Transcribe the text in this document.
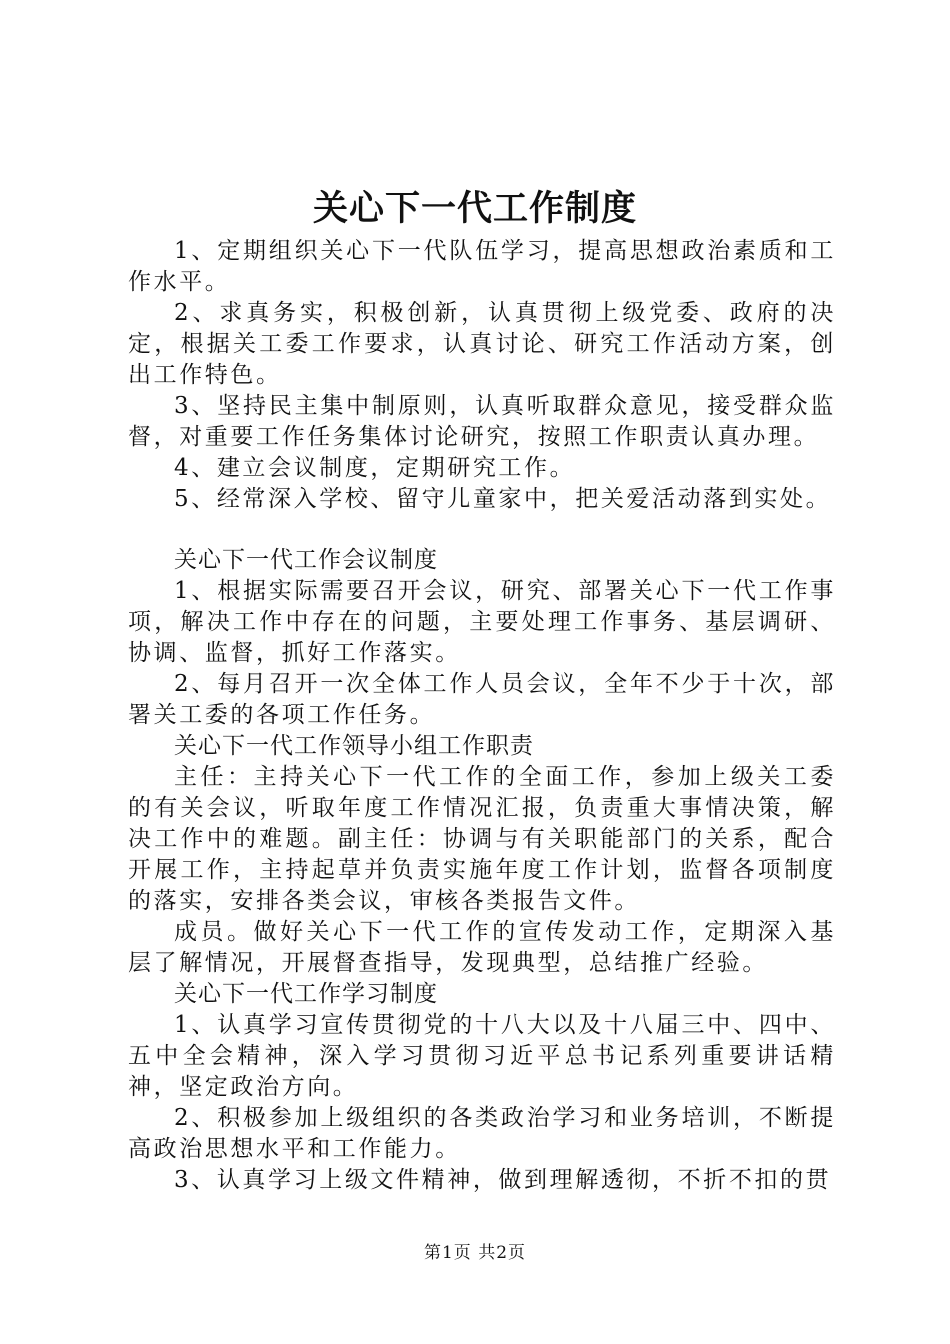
关心下一代工作制度

1、定期组织关心下一代队伍学习，提高思想政治素质和工作水平。

2、求真务实，积极创新，认真贯彻上级党委、政府的决定，根据关工委工作要求，认真讨论、研究工作活动方案，创出工作特色。

3、坚持民主集中制原则，认真听取群众意见，接受群众监督，对重要工作任务集体讨论研究，按照工作职责认真办理。

4、建立会议制度，定期研究工作。

5、经常深入学校、留守儿童家中，把关爱活动落到实处。

关心下一代工作会议制度

1、根据实际需要召开会议，研究、部署关心下一代工作事项，解决工作中存在的问题，主要处理工作事务、基层调研、协调、监督，抓好工作落实。

2、每月召开一次全体工作人员会议，全年不少于十次，部署关工委的各项工作任务。

关心下一代工作领导小组工作职责

主任：主持关心下一代工作的全面工作，参加上级关工委的有关会议，听取年度工作情况汇报，负责重大事情决策，解决工作中的难题。副主任：协调与有关职能部门的关系，配合开展工作，主持起草并负责实施年度工作计划，监督各项制度的落实，安排各类会议，审核各类报告文件。

成员。做好关心下一代工作的宣传发动工作，定期深入基层了解情况，开展督查指导，发现典型，总结推广经验。

关心下一代工作学习制度

1、认真学习宣传贯彻党的十八大以及十八届三中、四中、五中全会精神，深入学习贯彻习近平总书记系列重要讲话精神，坚定政治方向。

2、积极参加上级组织的各类政治学习和业务培训，不断提高政治思想水平和工作能力。

3、认真学习上级文件精神，做到理解透彻，不折不扣的贯

第1页 共2页
